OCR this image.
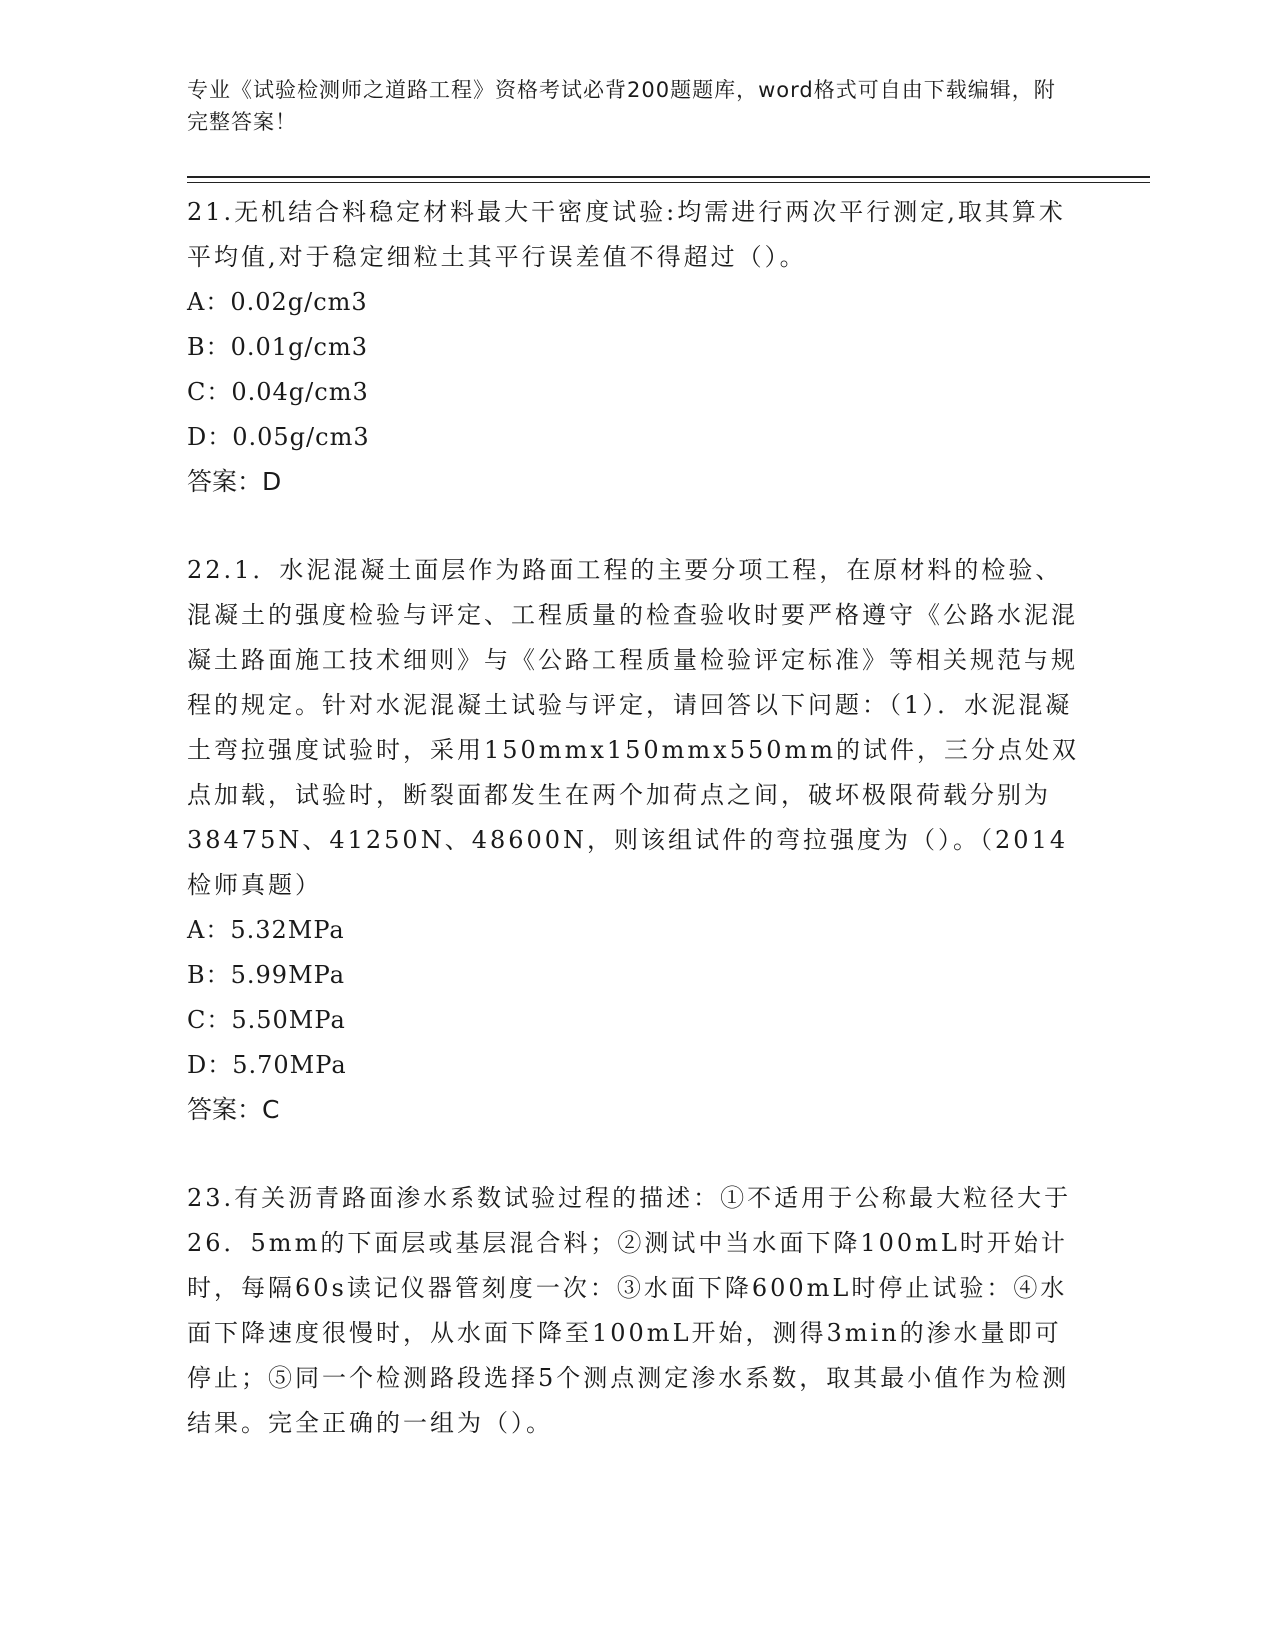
专业《试验检测师之道路工程》资格考试必背200题题库，word格式可自由下载编辑，附完整答案！
21.无机结合料稳定材料最大干密度试验:均需进行两次平行测定,取其算术平均值,对于稳定细粒土其平行误差值不得超过（）。
A：0.02g/cm3
B：0.01g/cm3
C：0.04g/cm3
D：0.05g/cm3
答案：D
22.1．水泥混凝土面层作为路面工程的主要分项工程，在原材料的检验、混凝土的强度检验与评定、工程质量的检查验收时要严格遵守《公路水泥混凝土路面施工技术细则》与《公路工程质量检验评定标准》等相关规范与规程的规定。针对水泥混凝土试验与评定，请回答以下问题：（1）．水泥混凝土弯拉强度试验时，采用150mmx150mmx550mm的试件，三分点处双点加载，试验时，断裂面都发生在两个加荷点之间，破坏极限荷载分别为38475N、41250N、48600N，则该组试件的弯拉强度为（）。（2014检师真题）
A：5.32MPa
B：5.99MPa
C：5.50MPa
D：5.70MPa
答案：C
23.有关沥青路面渗水系数试验过程的描述：①不适用于公称最大粒径大于26．5mm的下面层或基层混合料；②测试中当水面下降100mL时开始计时，每隔60s读记仪器管刻度一次：③水面下降600mL时停止试验：④水面下降速度很慢时，从水面下降至100mL开始，测得3min的渗水量即可停止；⑤同一个检测路段选择5个测点测定渗水系数，取其最小值作为检测结果。完全正确的一组为（）。
